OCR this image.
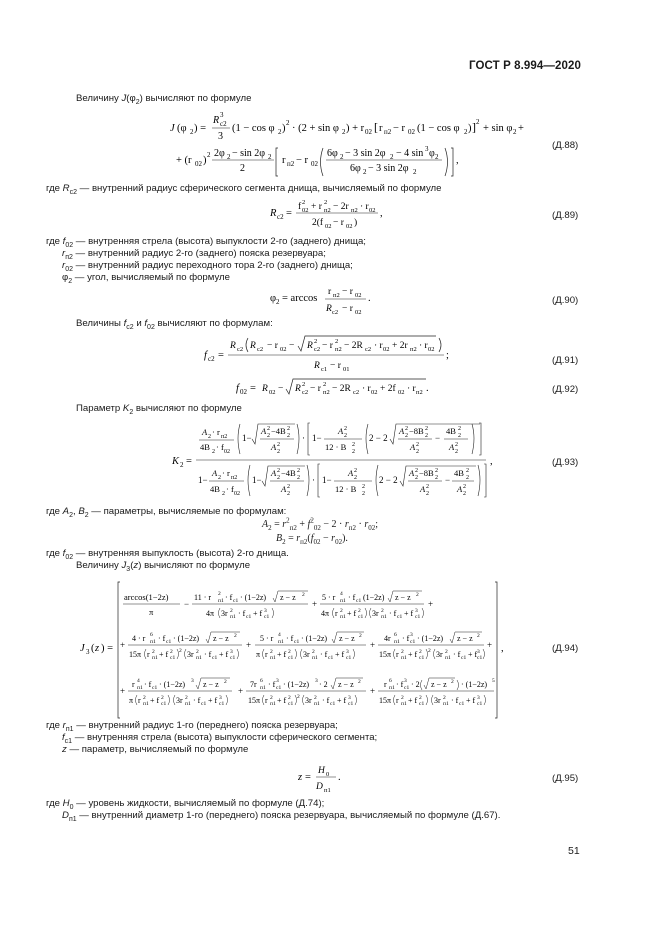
ГОСТ Р 8.994—2020
Величину $J(\varphi_2)$ вычисляют по формуле
J (φ 2 ) =
R 3
c2
3
(1 − cos φ 2 ) 2 · (2 + sin φ 2 ) + r 02 [ r п2 − r 02 (1 − cos φ 2 ) ] 2
+ sin φ 2 +
+ (r 02 ) 2 2φ 2 − sin 2φ 2
2
r п2 − r 02
6φ 2 − 3 sin 2φ 2 − 4 sin 3 φ 2
6φ 2 − 3 sin 2φ 2
,
(Д.88)
где $R_{c2}$ — внутренний радиус сферического сегмента днища, вычисляемый по формуле
R c2 =
f 2
02 + r 2
п2 − 2r п2 · r 02
2(f 02 − r 02 )
,	(Д.89)
где $f_{02}$ — внутренняя стрела (высота) выпуклости 2-го (заднего) днища;
$r_{п2}$ — внутренний радиус 2-го (заднего) пояска резервуара;
$r_{02}$ — внутренний радиус переходного тора 2-го (заднего) днища;
$\varphi_2$ — угол, вычисляемый по формуле
φ 2 = arccos
r п2 − r 02
R c2 − r 02
.	(Д.90)
Величины $f_{c2}$ и $f_{02}$ вычисляют по формулам:
f c2 =
R c2 R c2 − r 02 − R 2
c2 − r 2
п2 − 2R c2 · r 02 + 2r п2 · r 02
R c1 − r 01
;	(Д.91)
f 02 = R 02 − R 2
c2 − r 2
п2 − 2R c2 · r 02 + 2f 02 · r п2 .	(Д.92)
Параметр $K_2$ вычисляют по формуле
K 2 =
A 2 · r п2
4B 2 · f 02
1−
A 2
2 −4B 2
2
A 2
2
· 1−
A 2
2
12 · B 2
2
2 − 2
A 2
2 −8B 2
2
A 2
2
−
4B 2
2
A 2
2
1−
A 2 · r п2
4B 2 · f 02
1−
A 2
2 −4B 2
2
A 2
2
· 1−
A 2
2
12 · B 2
2
2 − 2
A 2
2 −8B 2
2
A 2
2
−
4B 2
2
A 2
2
,	(Д.93)
где $A_2$, $B_2$ — параметры, вычисляемые по формулам:
$A_2 = r^2_{п2} + f^2_{02} - 2 \cdot r_{п2} \cdot r_{02}$;
$B_2 = r_{п2}(f_{02} - r_{02})$.
где $f_{02}$ — внутренняя выпуклость (высота) 2-го днища.
Величину $J_3(z)$ вычисляют по формуле
J 3 ( z ) =	,
arccos(1−2z)
π
−
11 · r 2
п1 · f c1 · (1−2z) z − z 2
4π 3r 2
п1 · f c1 + f 3
c1
+
5 · r 4
п1 · f c1 (1−2z) z − z 2
4π r 2
п1 + f 2
c1 3r 2
п1 · f c1 + f 3
c1
+
+
4 · r 6
п1 · f c1 · (1−2z) z − z 2
15π r 2
п1 + f 2
c1
2 3r 2
п1 · f c1 + f 3
c1
+
5 · r 4
п1 · f c1 · (1−2z) z − z 2
π r 2
п1 + f 2
c1 3r 2
п1 · f c1 + f 3
c1
+
4r 6
п1 · f 3
c1 · (1−2z) z − z 2
15π r 2
п1 + f 2
c1
2 3r 2
п1 · f c1 + f 3
c1
+
+
r 4
п1 · f c1 · (1−2z) 3 z − z 2
π r 2
п1 + f 2
c1 3r 2
п1 · f c1 + f 3
c1
+
7r 6
п1 · f 3
c1 · (1−2z) 3 · 2 z − z 2
15π r 2
п1 + f 2
c1
2 3r 2
п1 · f c1 + f 3
c1
+
r 6
п1 · f 3
c1 · 2 z − z 2 · (1−2z) 5
15π r 2
п1 + f 2
c1 3r 2
п1 · f c1 + f 3
c1
(Д.94)
где $r_{п1}$ — внутренний радиус 1-го (переднего) пояска резервуара;
$f_{c1}$ — внутренняя стрела (высота) выпуклости сферического сегмента;
z — параметр, вычисляемый по формуле
z =
H 0
D п1
.	(Д.95)
где $H_0$ — уровень жидкости, вычисляемый по формуле (Д.74);
$D_{п1}$ — внутренний диаметр 1-го (переднего) пояска резервуара, вычисляемый по формуле (Д.67).
51
